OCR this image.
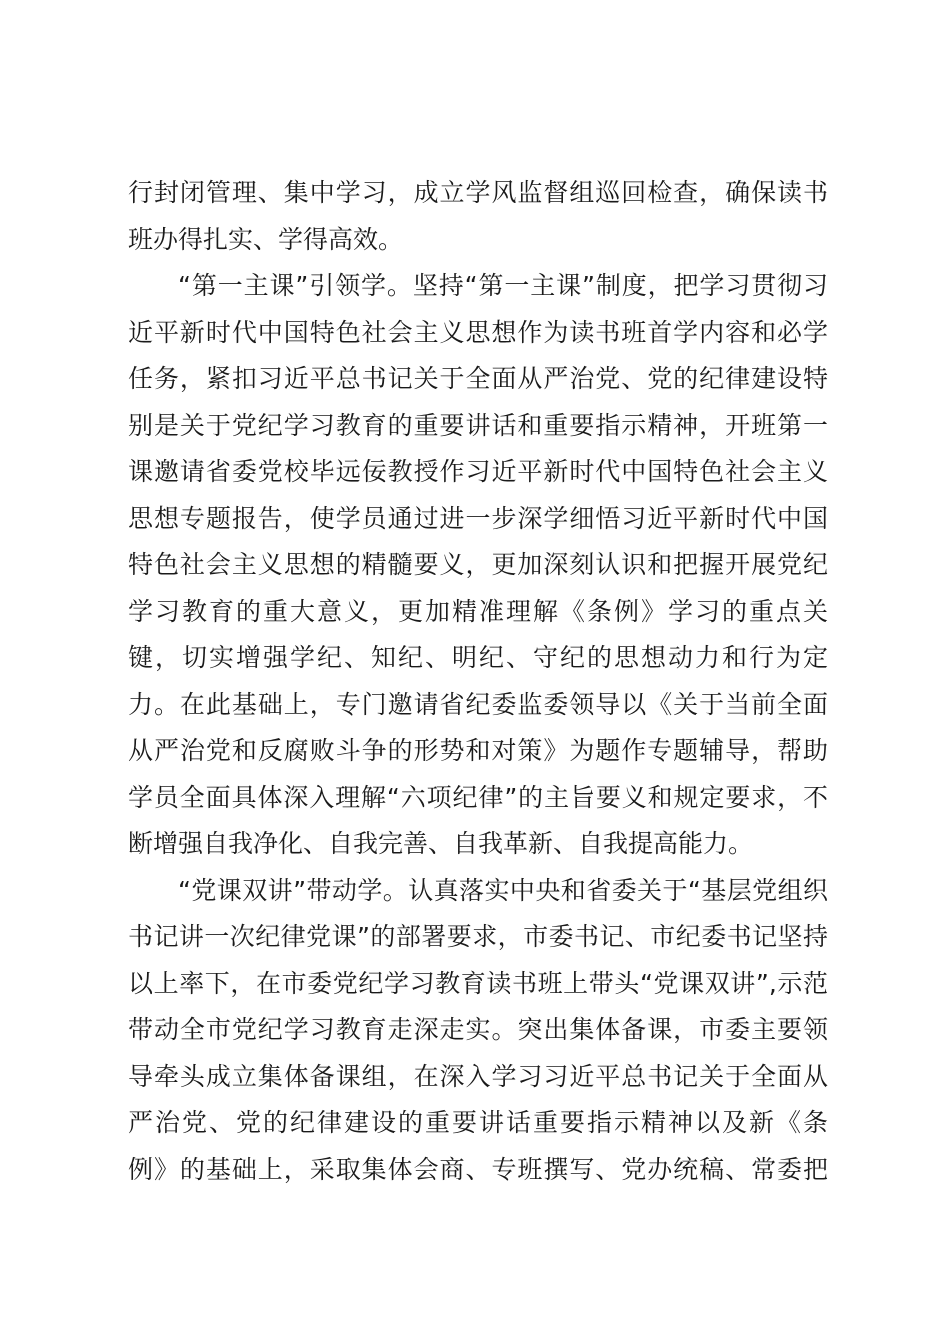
行封闭管理、集中学习，成立学风监督组巡回检查，确保读书
班办得扎实、学得高效。
“第一主课”引领学。坚持“第一主课”制度，把学习贯彻习
近平新时代中国特色社会主义思想作为读书班首学内容和必学
任务，紧扣习近平总书记关于全面从严治党、党的纪律建设特
别是关于党纪学习教育的重要讲话和重要指示精神，开班第一
课邀请省委党校毕远佞教授作习近平新时代中国特色社会主义
思想专题报告，使学员通过进一步深学细悟习近平新时代中国
特色社会主义思想的精髓要义，更加深刻认识和把握开展党纪
学习教育的重大意义，更加精准理解《条例》学习的重点关
键，切实增强学纪、知纪、明纪、守纪的思想动力和行为定
力。在此基础上，专门邀请省纪委监委领导以《关于当前全面
从严治党和反腐败斗争的形势和对策》为题作专题辅导，帮助
学员全面具体深入理解“六项纪律”的主旨要义和规定要求，不
断增强自我净化、自我完善、自我革新、自我提高能力。
“党课双讲”带动学。认真落实中央和省委关于“基层党组织
书记讲一次纪律党课”的部署要求，市委书记、市纪委书记坚持
以上率下，在市委党纪学习教育读书班上带头“党课双讲”,示范
带动全市党纪学习教育走深走实。突出集体备课，市委主要领
导牵头成立集体备课组，在深入学习习近平总书记关于全面从
严治党、党的纪律建设的重要讲话重要指示精神以及新《条
例》的基础上，采取集体会商、专班撰写、党办统稿、常委把
